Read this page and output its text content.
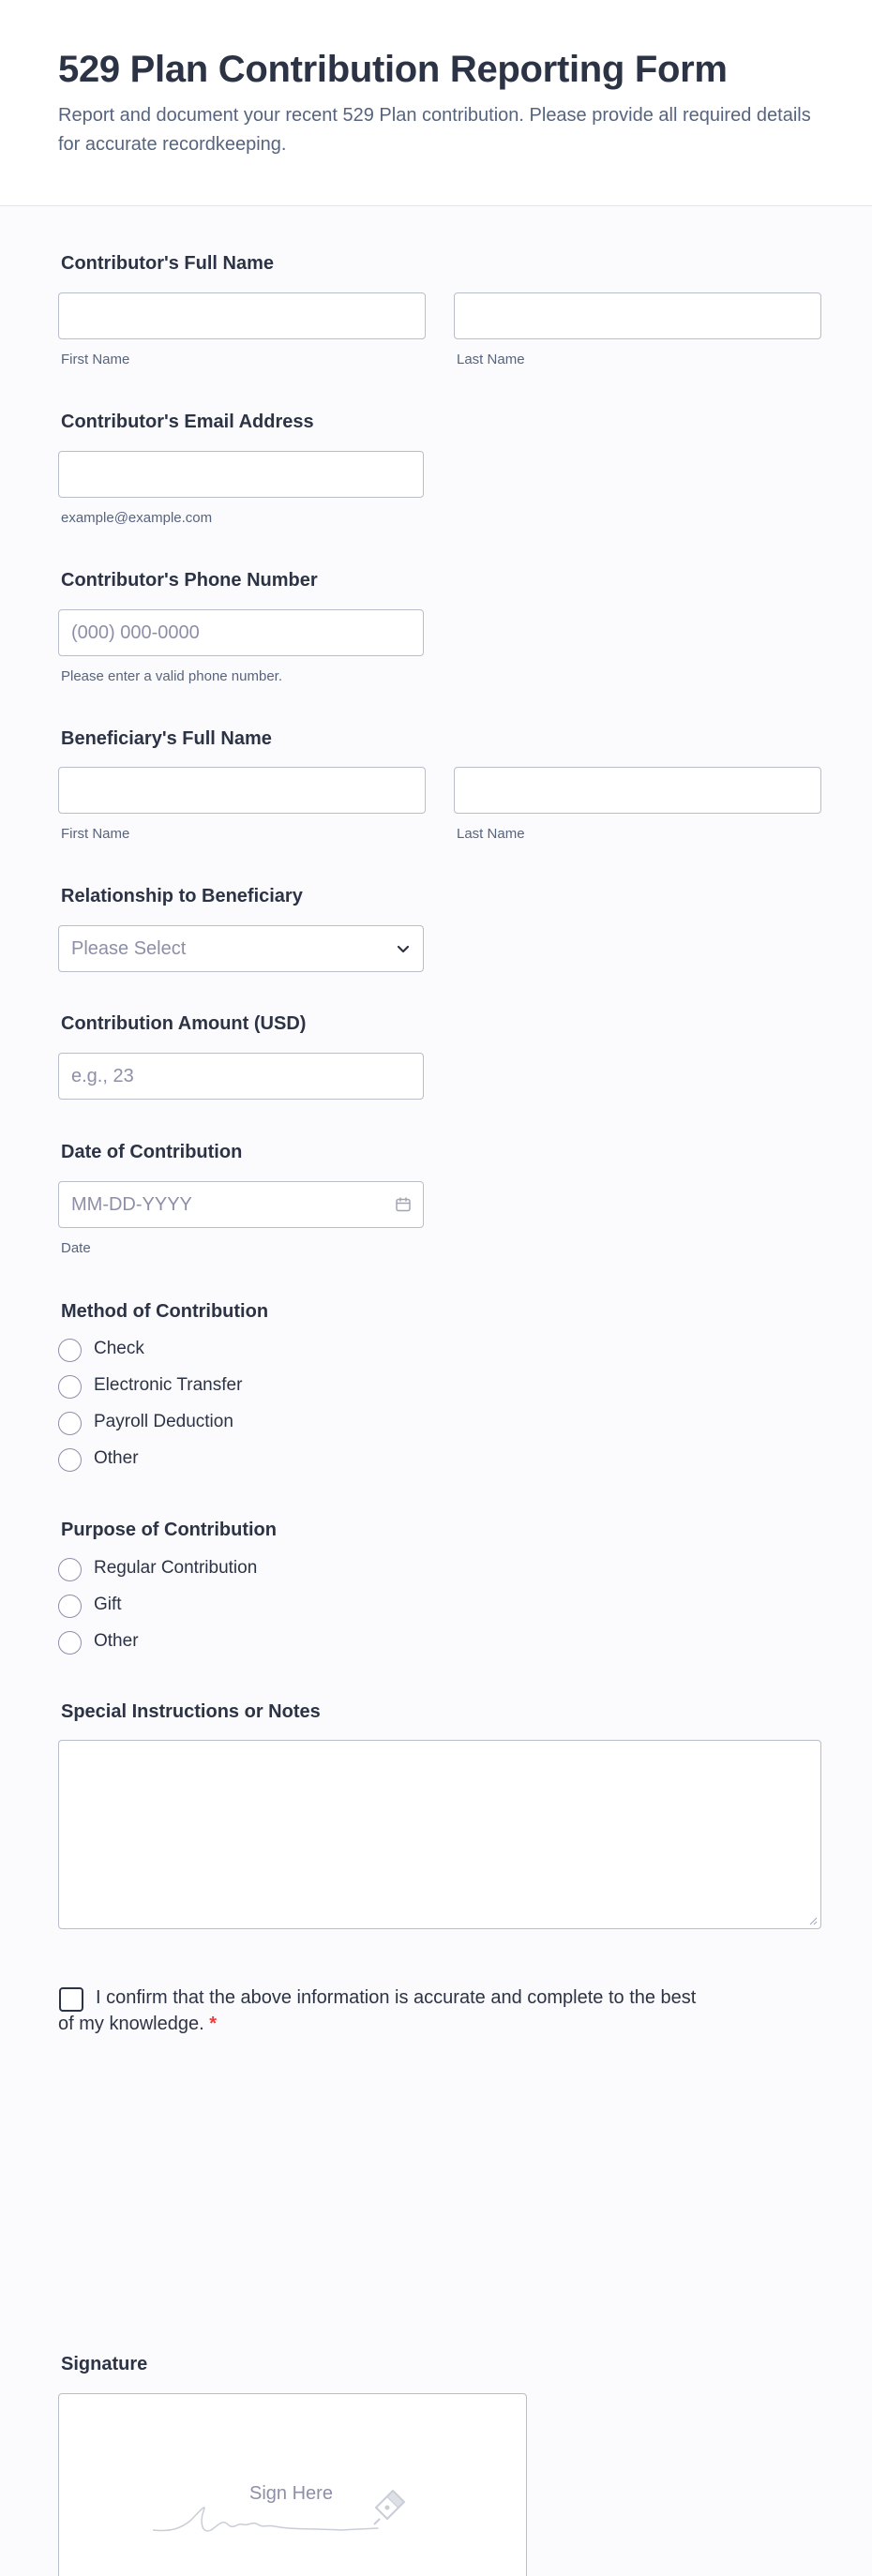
529 Plan Contribution Reporting Form
Report and document your recent 529 Plan contribution. Please provide all required details for accurate recordkeeping.
Contributor's Full Name
First Name	Last Name
Contributor's Email Address
example@example.com
Contributor's Phone Number
(000) 000-0000
Please enter a valid phone number.
Beneficiary's Full Name
First Name	Last Name
Relationship to Beneficiary
Please Select
Contribution Amount (USD)
e.g., 23
Date of Contribution
MM-DD-YYYY
Date
Method of Contribution
Check
Electronic Transfer
Payroll Deduction
Other
Purpose of Contribution
Regular Contribution
Gift
Other
Special Instructions or Notes
I confirm that the above information is accurate and complete to the best of my knowledge. *
Signature
Sign Here
